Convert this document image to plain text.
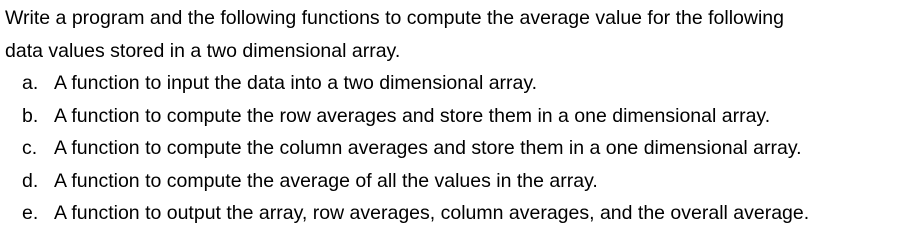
Write a program and the following functions to compute the average value for the following
data values stored in a two dimensional array.

a. A function to input the data into a two dimensional array.
b. A function to compute the row averages and store them in a one dimensional array.
c. A function to compute the column averages and store them in a one dimensional array.
d. A function to compute the average of all the values in the array.
e. A function to output the array, row averages, column averages, and the overall average.
